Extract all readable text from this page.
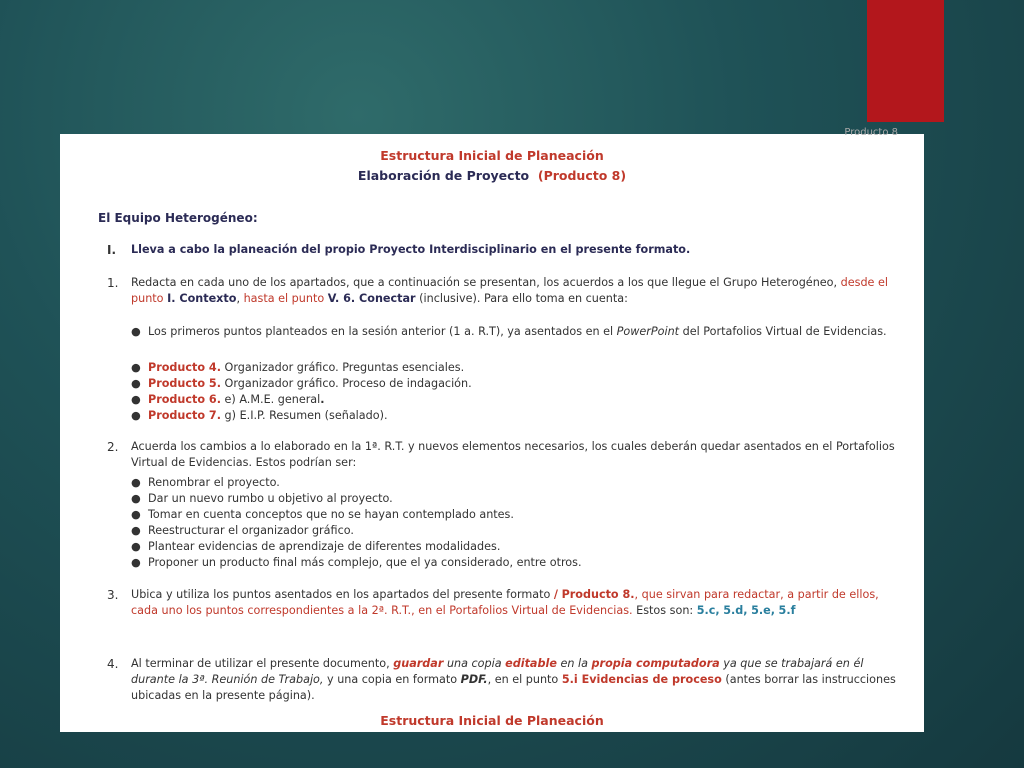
Producto 8
Estructura Inicial de Planeación
Elaboración de Proyecto (Producto 8)
El Equipo Heterogéneo:
I. Lleva a cabo la planeación del propio Proyecto Interdisciplinario en el presente formato.
1. Redacta en cada uno de los apartados, que a continuación se presentan, los acuerdos a los que llegue el Grupo Heterogéneo, desde el punto I. Contexto, hasta el punto V. 6. Conectar (inclusive). Para ello toma en cuenta:
● Los primeros puntos planteados en la sesión anterior (1 a. R.T), ya asentados en el PowerPoint del Portafolios Virtual de Evidencias.
● Producto 4. Organizador gráfico. Preguntas esenciales.
● Producto 5. Organizador gráfico. Proceso de indagación.
● Producto 6. e) A.M.E. general.
● Producto 7. g) E.I.P. Resumen (señalado).
2. Acuerda los cambios a lo elaborado en la 1ª. R.T. y nuevos elementos necesarios, los cuales deberán quedar asentados en el Portafolios Virtual de Evidencias. Estos podrían ser:
● Renombrar el proyecto.
● Dar un nuevo rumbo u objetivo al proyecto.
● Tomar en cuenta conceptos que no se hayan contemplado antes.
● Reestructurar el organizador gráfico.
● Plantear evidencias de aprendizaje de diferentes modalidades.
● Proponer un producto final más complejo, que el ya considerado, entre otros.
3. Ubica y utiliza los puntos asentados en los apartados del presente formato / Producto 8., que sirvan para redactar, a partir de ellos, cada uno los puntos correspondientes a la 2ª. R.T., en el Portafolios Virtual de Evidencias. Estos son: 5.c, 5.d, 5.e, 5.f
4. Al terminar de utilizar el presente documento, guardar una copia editable en la propia computadora ya que se trabajará en él durante la 3ª. Reunión de Trabajo, y una copia en formato PDF., en el punto 5.i Evidencias de proceso (antes borrar las instrucciones ubicadas en la presente página).
Estructura Inicial de Planeación
